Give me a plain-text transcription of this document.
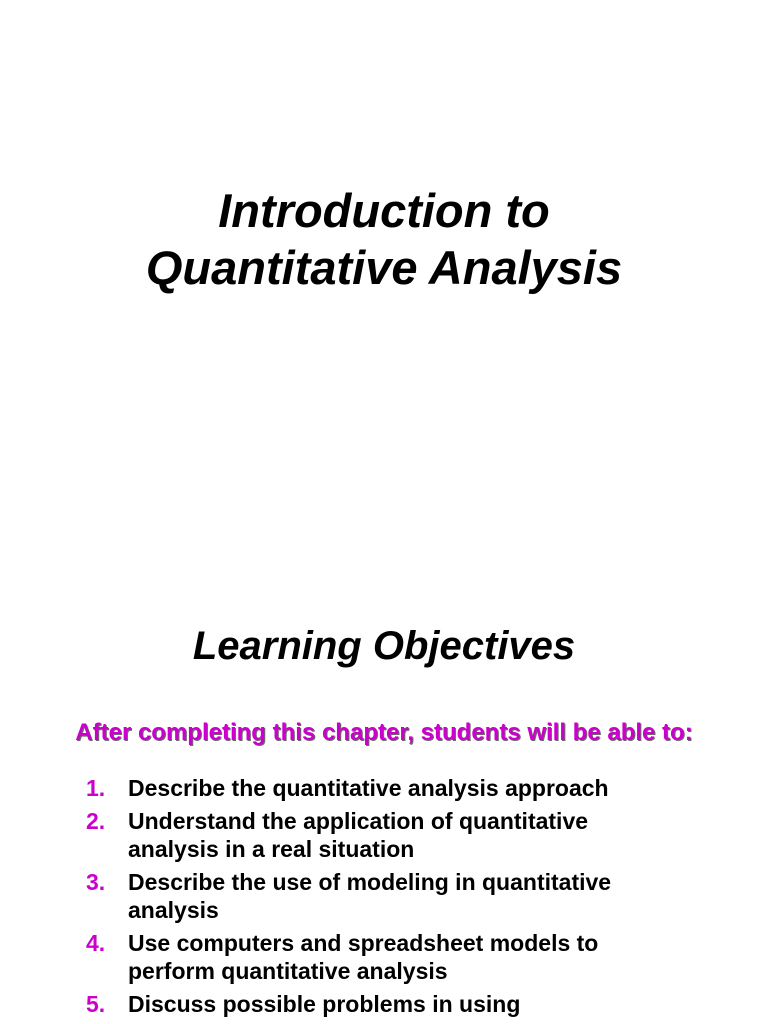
Introduction to
Quantitative Analysis
Learning Objectives

After completing this chapter, students will be able to:

1. Describe the quantitative analysis approach
2. Understand the application of quantitative
analysis in a real situation
3. Describe the use of modeling in quantitative
analysis
4. Use computers and spreadsheet models to
perform quantitative analysis
5. Discuss possible problems in using
